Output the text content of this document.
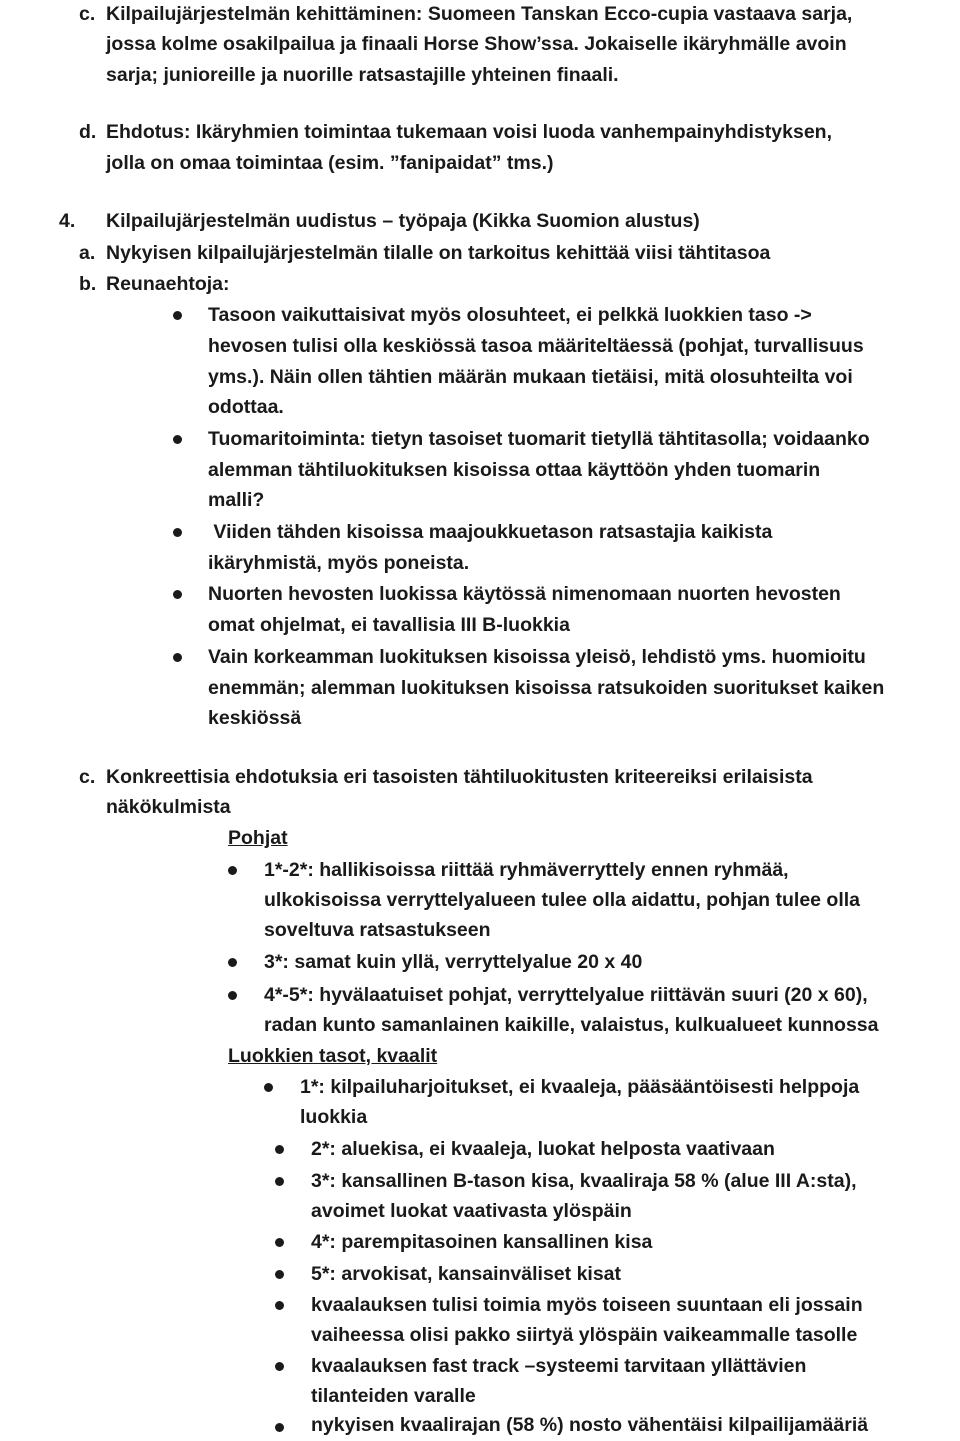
c. Kilpailujärjestelmän kehittäminen: Suomeen Tanskan Ecco-cupia vastaava sarja,
jossa kolme osakilpailua ja finaali Horse Show’ssa. Jokaiselle ikäryhmälle avoin
sarja; junioreille ja nuorille ratsastajille yhteinen finaali.
d. Ehdotus: Ikäryhmien toimintaa tukemaan voisi luoda vanhempainyhdistyksen,
jolla on omaa toimintaa (esim. ”fanipaidat” tms.)
4. Kilpailujärjestelmän uudistus – työpaja (Kikka Suomion alustus)
a. Nykyisen kilpailujärjestelmän tilalle on tarkoitus kehittää viisi tähtitasoa
b. Reunaehtoja:
Tasoon vaikuttaisivat myös olosuhteet, ei pelkkä luokkien taso ->
hevosen tulisi olla keskiössä tasoa määriteltäessä (pohjat, turvallisuus
yms.). Näin ollen tähtien määrän mukaan tietäisi, mitä olosuhteilta voi
odottaa.
Tuomaritoiminta: tietyn tasoiset tuomarit tietyllä tähtitasolla; voidaanko
alemman tähtiluokituksen kisoissa ottaa käyttöön yhden tuomarin
malli?
Viiden tähden kisoissa maajoukkuetason ratsastajia kaikista
ikäryhmistä, myös poneista.
Nuorten hevosten luokissa käytössä nimenomaan nuorten hevosten
omat ohjelmat, ei tavallisia III B-luokkia
Vain korkeamman luokituksen kisoissa yleisö, lehdistö yms. huomioitu
enemmän; alemman luokituksen kisoissa ratsukoiden suoritukset kaiken
keskiössä
c. Konkreettisia ehdotuksia eri tasoisten tähtiluokitusten kriteereiksi erilaisista
näkökulmista
Pohjat
1*-2*: hallikisoissa riittää ryhmäverryttely ennen ryhmää,
ulkokisoissa verryttelyalueen tulee olla aidattu, pohjan tulee olla
soveltuva ratsastukseen
3*: samat kuin yllä, verryttelyalue 20 x 40
4*-5*: hyvälaatuiset pohjat, verryttelyalue riittävän suuri (20 x 60),
radan kunto samanlainen kaikille, valaistus, kulkualueet kunnossa
Luokkien tasot, kvaalit
1*: kilpailuharjoitukset, ei kvaaleja, pääsääntöisesti helppoja
luokkia
2*: aluekisa, ei kvaaleja, luokat helposta vaativaan
3*: kansallinen B-tason kisa, kvaaliraja 58 % (alue III A:sta),
avoimet luokat vaativasta ylöspäin
4*: parempitasoinen kansallinen kisa
5*: arvokisat, kansainväliset kisat
kvaalauksen tulisi toimia myös toiseen suuntaan eli jossain
vaiheessa olisi pakko siirtyä ylöspäin vaikeammalle tasolle
kvaalauksen fast track –systeemi tarvitaan yllättävien
tilanteiden varalle
nykyisen kvaalirajan (58 %) nosto vähentäisi kilpailijamääriä
